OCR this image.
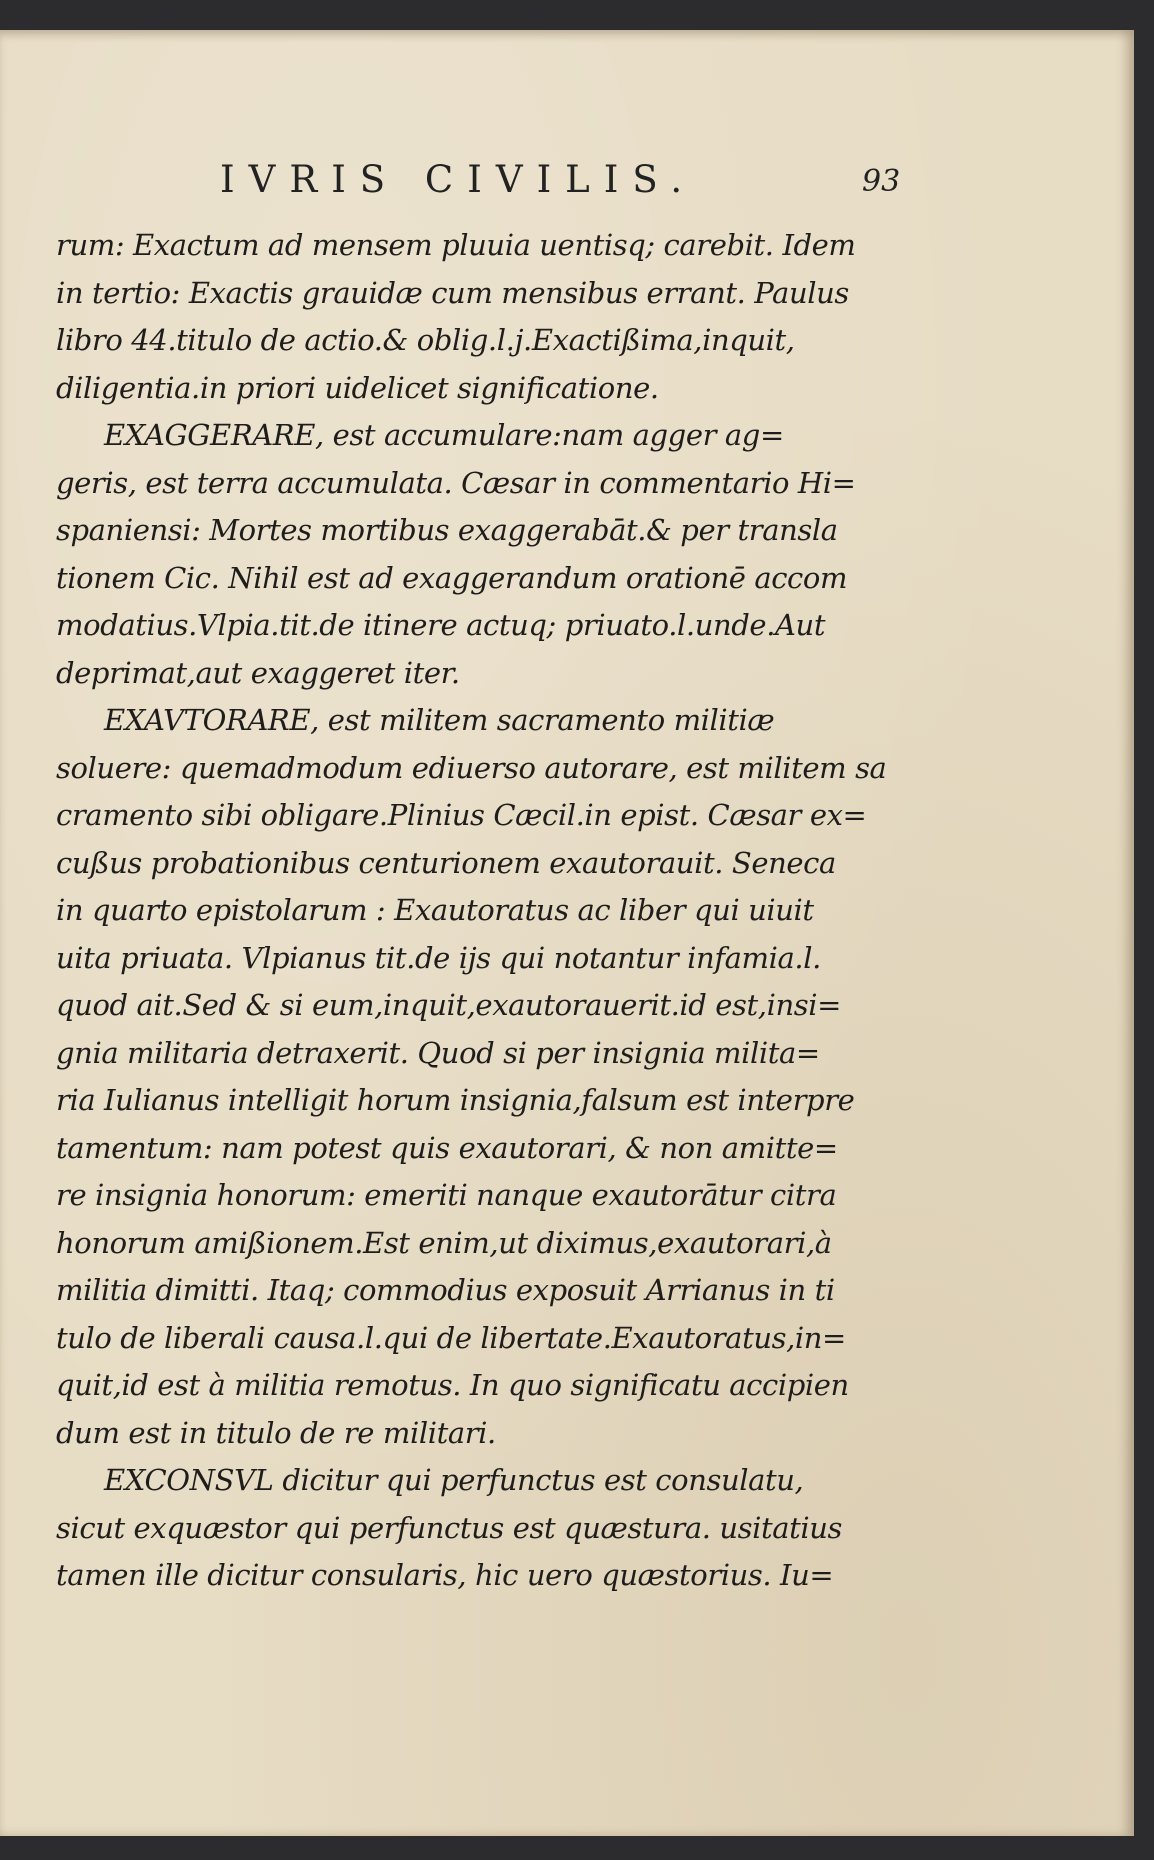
IVRIS CIVILIS.	93
rum: Exactum ad mensem pluuia uentisq; carebit. Idem
in tertio: Exactis grauidæ cum mensibus errant. Paulus
libro 44.titulo de actio.& oblig.l.j.Exactißima,inquit,
diligentia.in priori uidelicet significatione.
EXAGGERARE, est accumulare:nam agger ag=
geris, est terra accumulata. Cæsar in commentario Hi=
spaniensi: Mortes mortibus exaggerabāt.& per transla
tionem Cic. Nihil est ad exaggerandum orationē accom
modatius.Vlpia.tit.de itinere actuq; priuato.l.unde.Aut
deprimat,aut exaggeret iter.
EXAVTORARE, est militem sacramento militiæ
soluere: quemadmodum ediuerso autorare, est militem sa
cramento sibi obligare.Plinius Cæcil.in epist. Cæsar ex=
cußus probationibus centurionem exautorauit. Seneca
in quarto epistolarum : Exautoratus ac liber qui uiuit
uita priuata. Vlpianus tit.de ijs qui notantur infamia.l.
quod ait.Sed & si eum,inquit,exautorauerit.id est,insi=
gnia militaria detraxerit. Quod si per insignia milita=
ria Iulianus intelligit horum insignia,falsum est interpre
tamentum: nam potest quis exautorari, & non amitte=
re insignia honorum: emeriti nanque exautorātur citra
honorum amißionem.Est enim,ut diximus,exautorari,à
militia dimitti. Itaq; commodius exposuit Arrianus in ti
tulo de liberali causa.l.qui de libertate.Exautoratus,in=
quit,id est à militia remotus. In quo significatu accipien
dum est in titulo de re militari.
EXCONSVL dicitur qui perfunctus est consulatu,
sicut exquæstor qui perfunctus est quæstura. usitatius
tamen ille dicitur consularis, hic uero quæstorius. Iu=
